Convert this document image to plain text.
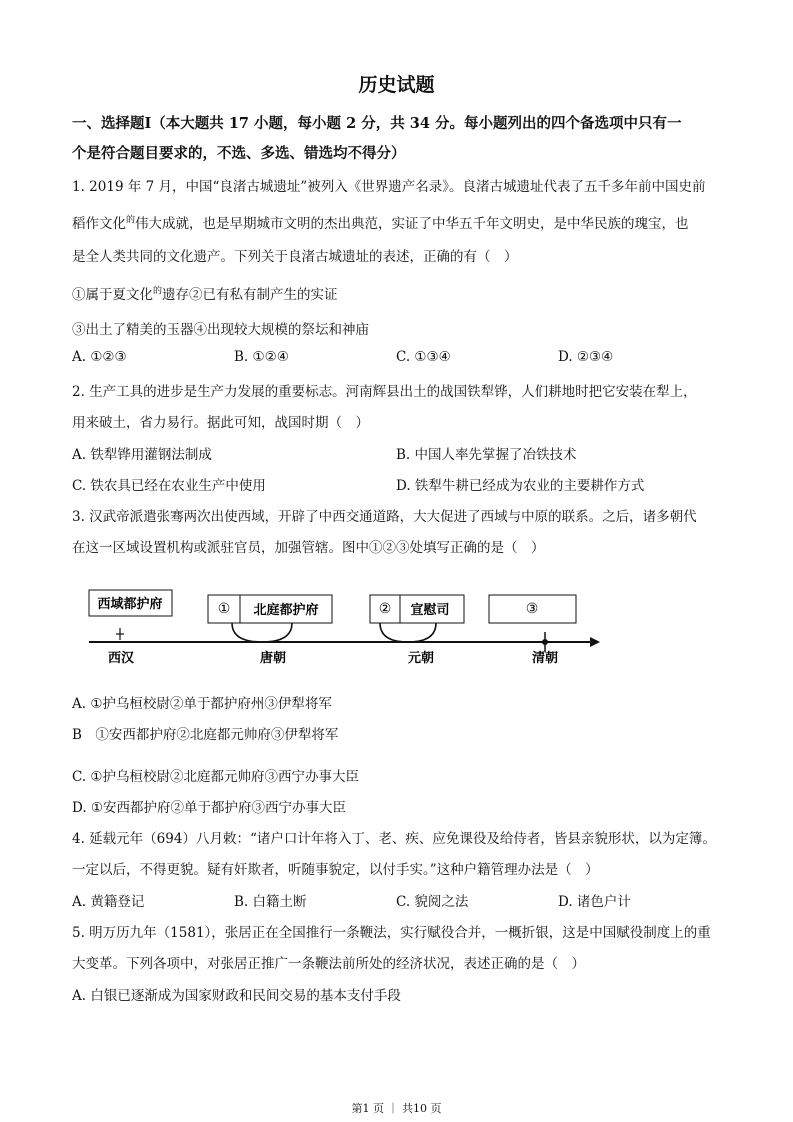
历史试题
一、选择题Ⅰ（本大题共 17 小题，每小题 2 分，共 34 分。每小题列出的四个备选项中只有一
个是符合题目要求的，不选、多选、错选均不得分）
1. 2019 年 7 月，中国“良渚古城遗址”被列入《世界遗产名录》。良渚古城遗址代表了五千多年前中国史前
稻作文化$^的$伟大成就，也是早期城市文明的杰出典范，实证了中华五千年文明史，是中华民族的瑰宝，也
是全人类共同的文化遗产。下列关于良渚古城遗址的表述，正确的有（　）
①属于夏文化$^的$遗存②已有私有制产生的实证
③出土了精美的玉器④出现较大规模的祭坛和神庙
A. ①②③	B. ①②④	C. ①③④	D. ②③④
2. 生产工具的进步是生产力发展的重要标志。河南辉县出土的战国铁犁铧，人们耕地时把它安装在犁上，
用来破土，省力易行。据此可知，战国时期（　）
A. 铁犁铧用灌钢法制成	B. 中国人率先掌握了冶铁技术
C. 铁农具已经在农业生产中使用	D. 铁犁牛耕已经成为农业的主要耕作方式
3. 汉武帝派遣张骞两次出使西域，开辟了中西交通道路，大大促进了西域与中原的联系。之后，诸多朝代
在这一区域设置机构或派驻官员，加强管辖。图中①②③处填写正确的是（　）
西域都护府	① 北庭都护府	② 宣慰司	③
西汉	唐朝	元朝	清朝
A. ①护乌桓校尉②单于都护府州③伊犁将军
B　①安西都护府②北庭都元帅府③伊犁将军
C. ①护乌桓校尉②北庭都元帅府③西宁办事大臣
D. ①安西都护府②单于都护府③西宁办事大臣
4. 延载元年（694）八月敕：“诸户口计年将入丁、老、疾、应免课役及给侍者，皆县亲貌形状，以为定簿。
一定以后，不得更貌。疑有奸欺者，听随事貌定，以付手实。”这种户籍管理办法是（　）
A. 黄籍登记	B. 白籍土断	C. 貌阅之法	D. 诸色户计
5. 明万历九年（1581），张居正在全国推行一条鞭法，实行赋役合并，一概折银，这是中国赋役制度上的重
大变革。下列各项中，对张居正推广一条鞭法前所处的经济状况，表述正确的是（　）
A. 白银已逐渐成为国家财政和民间交易的基本支付手段
第1 页 ｜ 共10 页
